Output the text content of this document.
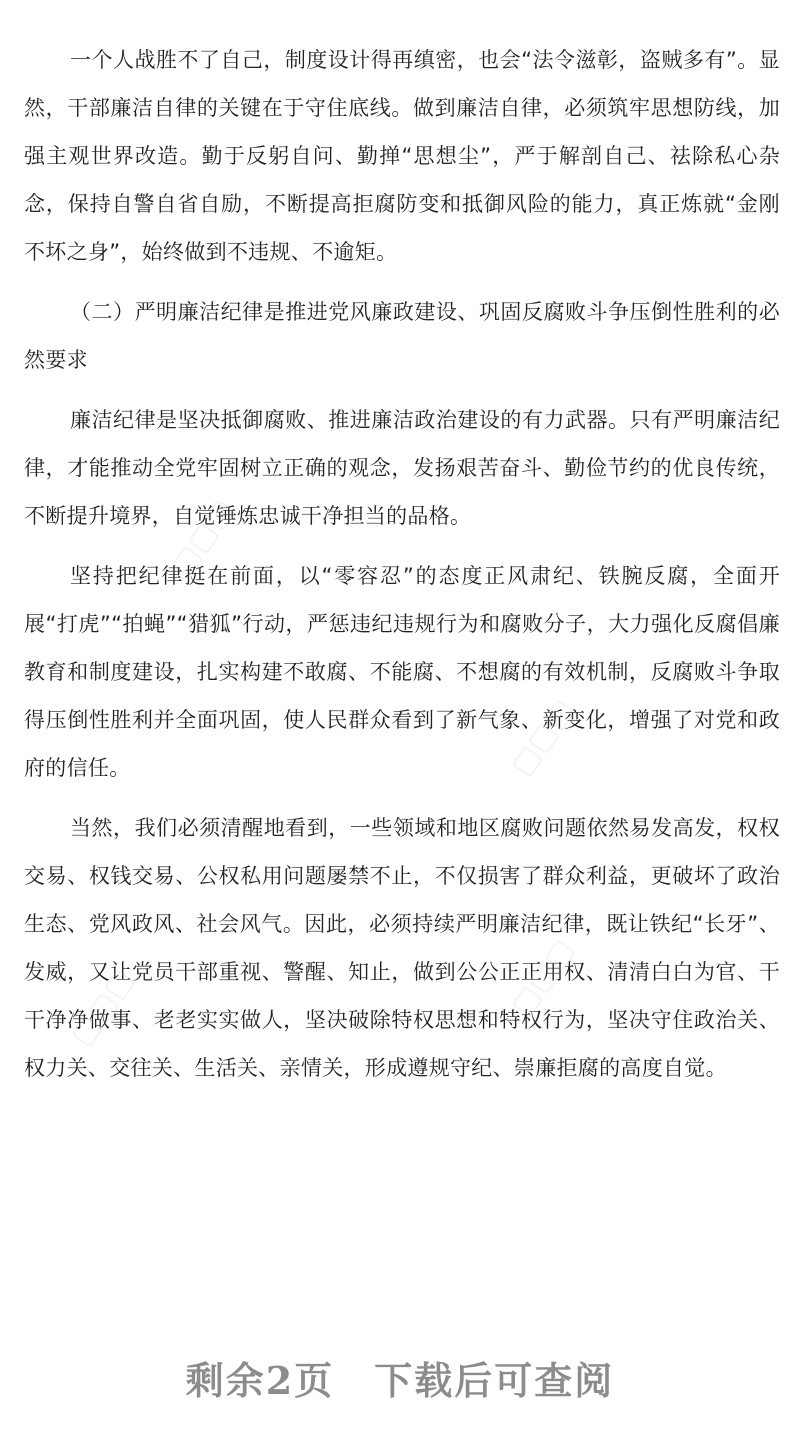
一个人战胜不了自己，制度设计得再缜密，也会“法令滋彰，盗贼多有”。显然，干部廉洁自律的关键在于守住底线。做到廉洁自律，必须筑牢思想防线，加强主观世界改造。勤于反躬自问、勤掸“思想尘”，严于解剖自己、祛除私心杂念，保持自警自省自励，不断提高拒腐防变和抵御风险的能力，真正炼就“金刚不坏之身”，始终做到不违规、不逾矩。

（二）严明廉洁纪律是推进党风廉政建设、巩固反腐败斗争压倒性胜利的必然要求

廉洁纪律是坚决抵御腐败、推进廉洁政治建设的有力武器。只有严明廉洁纪律，才能推动全党牢固树立正确的观念，发扬艰苦奋斗、勤俭节约的优良传统，不断提升境界，自觉锤炼忠诚干净担当的品格。

坚持把纪律挺在前面，以“零容忍”的态度正风肃纪、铁腕反腐，全面开展“打虎”“拍蝇”“猎狐”行动，严惩违纪违规行为和腐败分子，大力强化反腐倡廉教育和制度建设，扎实构建不敢腐、不能腐、不想腐的有效机制，反腐败斗争取得压倒性胜利并全面巩固，使人民群众看到了新气象、新变化，增强了对党和政府的信任。

当然，我们必须清醒地看到，一些领域和地区腐败问题依然易发高发，权权交易、权钱交易、公权私用问题屡禁不止，不仅损害了群众利益，更破坏了政治生态、党风政风、社会风气。因此，必须持续严明廉洁纪律，既让铁纪“长牙”、发威，又让党员干部重视、警醒、知止，做到公公正正用权、清清白白为官、干干净净做事、老老实实做人，坚决破除特权思想和特权行为，坚决守住政治关、权力关、交往关、生活关、亲情关，形成遵规守纪、崇廉拒腐的高度自觉。

▢▢▢
▢▢▢
▢▢▢	▢▢▢
剩余2页 下载后可查阅
